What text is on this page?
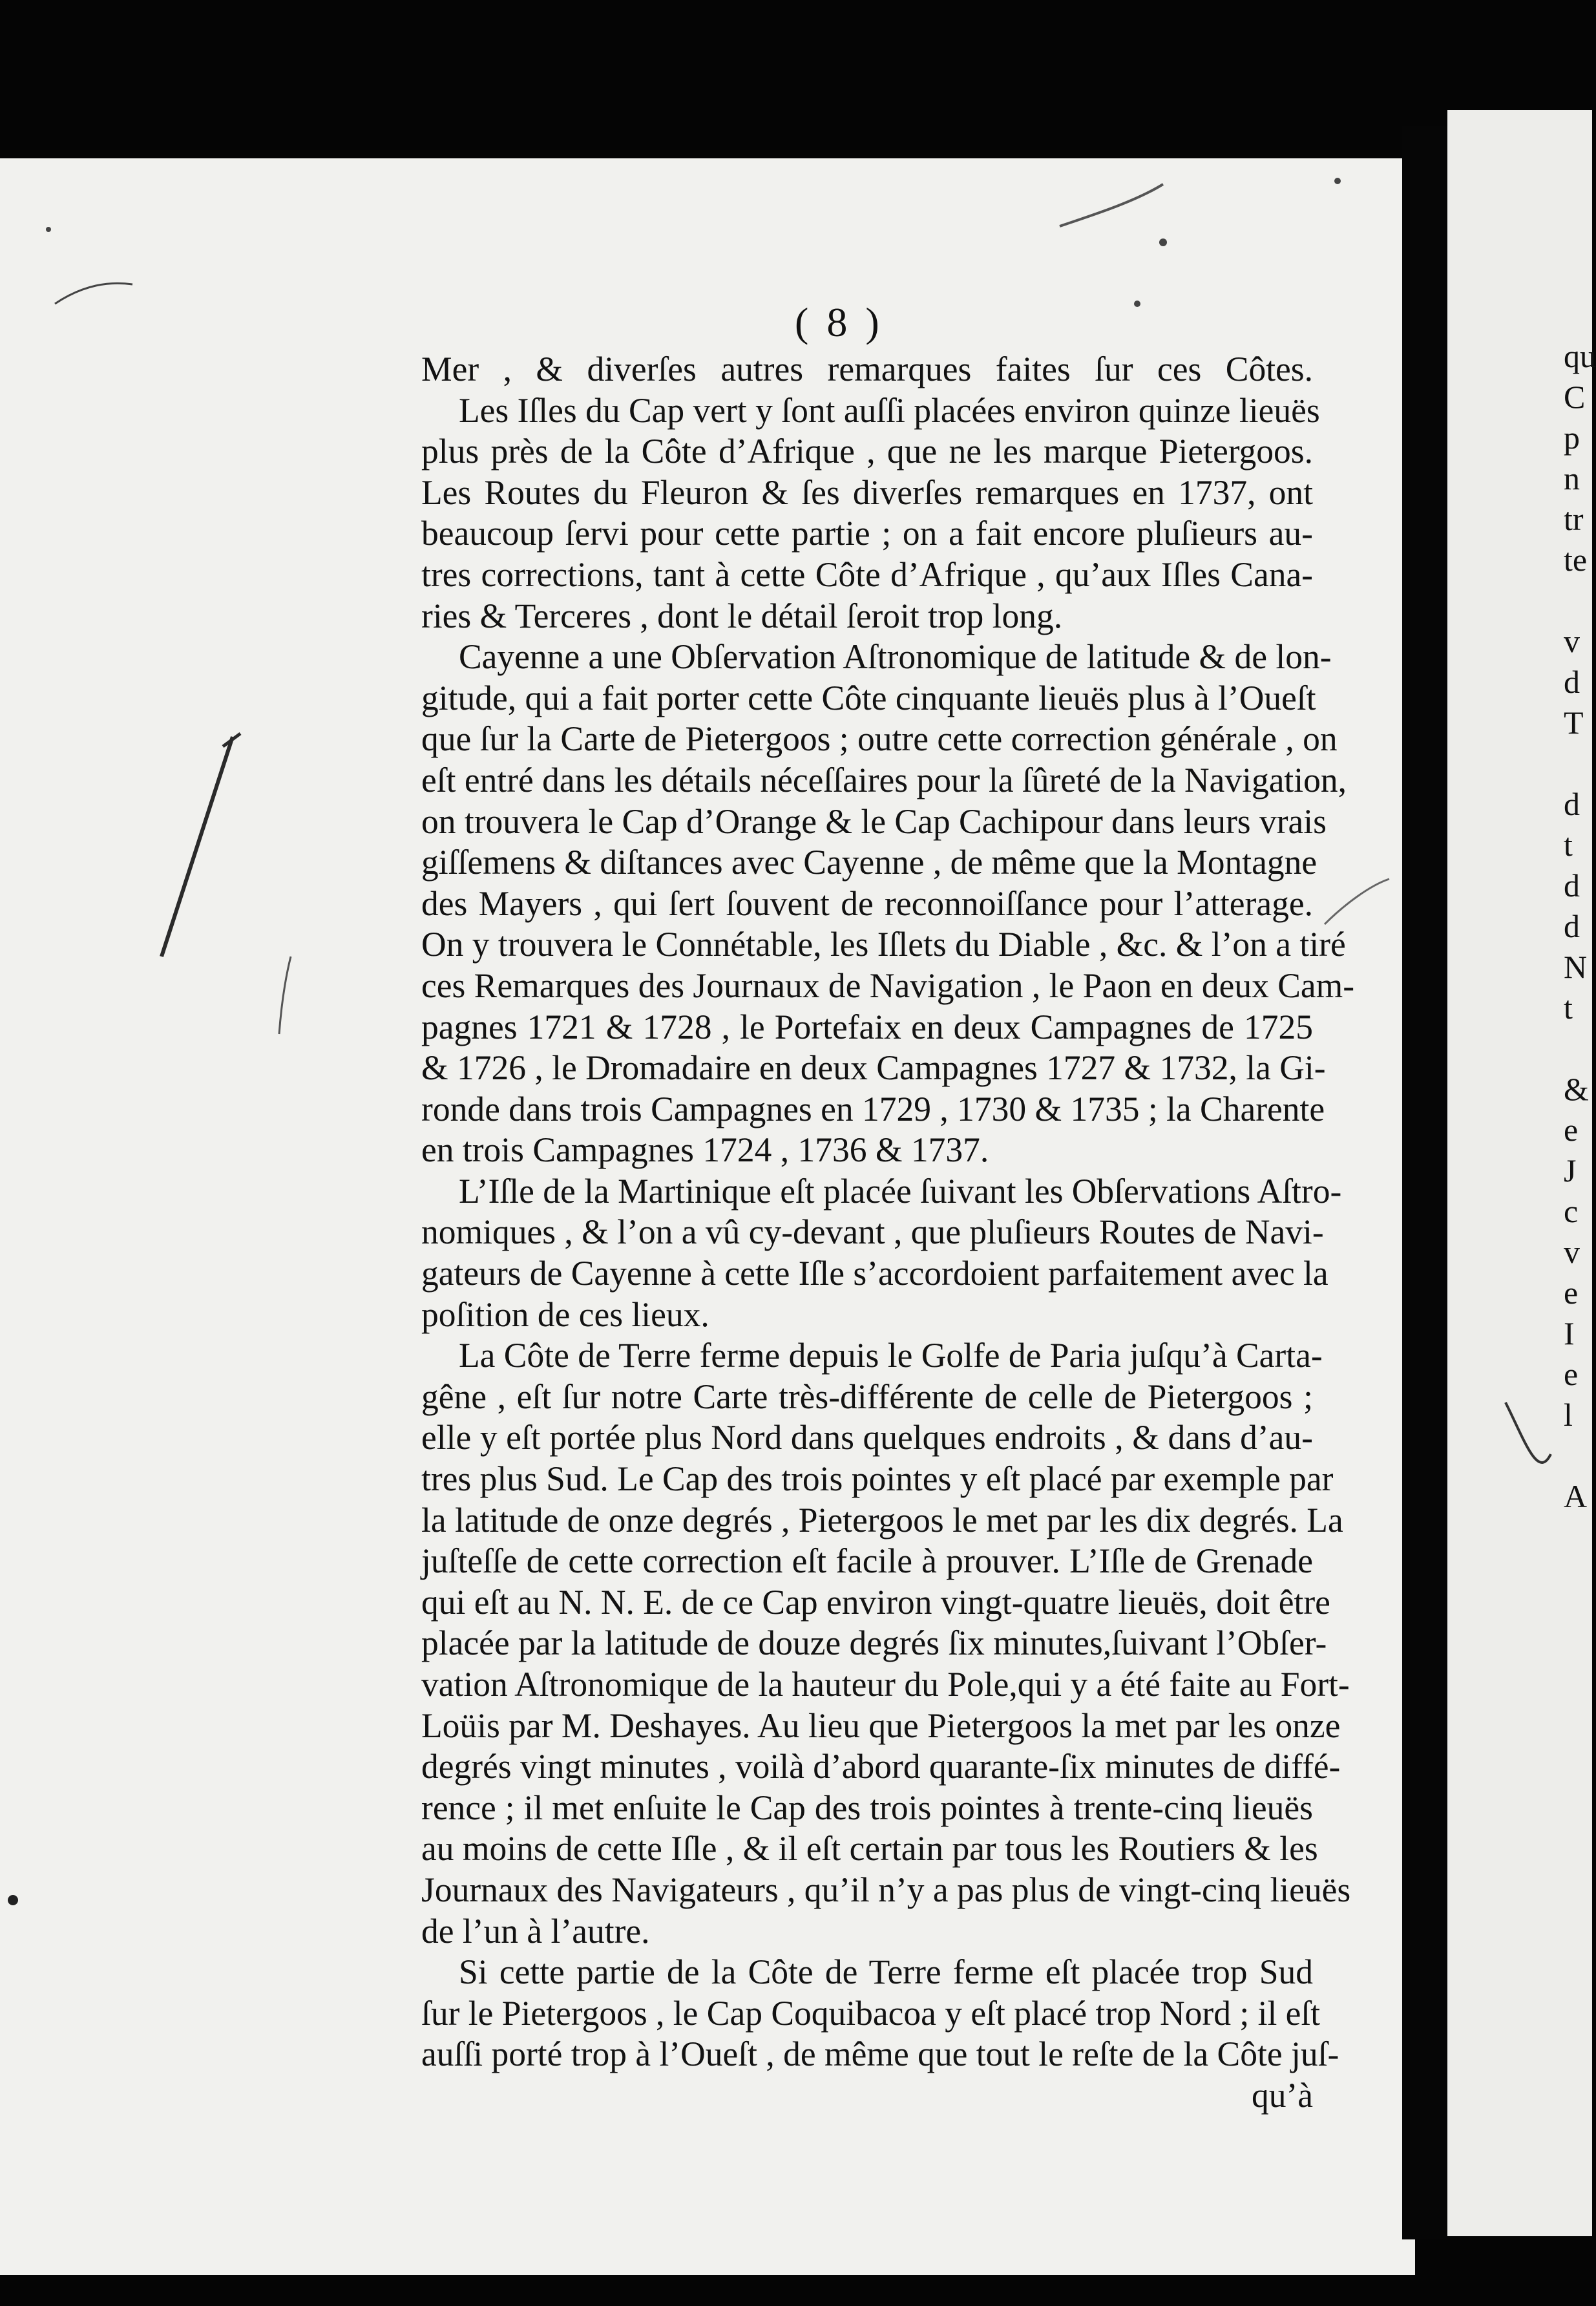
( 8 )
Mer , & diverſes autres remarques faites ſur ces Côtes.
Les Iſles du Cap vert y ſont auſſi placées environ quinze lieuës
plus près de la Côte d’Afrique , que ne les marque Pietergoos.
Les Routes du Fleuron & ſes diverſes remarques en 1737, ont
beaucoup ſervi pour cette partie ; on a fait encore pluſieurs au-
tres corrections, tant à cette Côte d’Afrique , qu’aux Iſles Cana-
ries & Terceres , dont le détail ſeroit trop long.
Cayenne a une Obſervation Aſtronomique de latitude & de lon-
gitude, qui a fait porter cette Côte cinquante lieuës plus à l’Oueſt
que ſur la Carte de Pietergoos ; outre cette correction générale , on
eſt entré dans les détails néceſſaires pour la ſûreté de la Navigation,
on trouvera le Cap d’Orange & le Cap Cachipour dans leurs vrais
giſſemens & diſtances avec Cayenne , de même que la Montagne
des Mayers , qui ſert ſouvent de reconnoiſſance pour l’atterage.
On y trouvera le Connétable, les Iſlets du Diable , &c. & l’on a tiré
ces Remarques des Journaux de Navigation , le Paon en deux Cam-
pagnes 1721 & 1728 , le Portefaix en deux Campagnes de 1725
& 1726 , le Dromadaire en deux Campagnes 1727 & 1732, la Gi-
ronde dans trois Campagnes en 1729 , 1730 & 1735 ; la Charente
en trois Campagnes 1724 , 1736 & 1737.
L’Iſle de la Martinique eſt placée ſuivant les Obſervations Aſtro-
nomiques , & l’on a vû cy-devant , que pluſieurs Routes de Navi-
gateurs de Cayenne à cette Iſle s’accordoient parfaitement avec la
poſition de ces lieux.
La Côte de Terre ferme depuis le Golfe de Paria juſqu’à Carta-
gêne , eſt ſur notre Carte très-différente de celle de Pietergoos ;
elle y eſt portée plus Nord dans quelques endroits , & dans d’au-
tres plus Sud. Le Cap des trois pointes y eſt placé par exemple par
la latitude de onze degrés , Pietergoos le met par les dix degrés. La
juſteſſe de cette correction eſt facile à prouver. L’Iſle de Grenade
qui eſt au N. N. E. de ce Cap environ vingt-quatre lieuës, doit être
placée par la latitude de douze degrés ſix minutes,ſuivant l’Obſer-
vation Aſtronomique de la hauteur du Pole,qui y a été faite au Fort-
Loüis par M. Deshayes. Au lieu que Pietergoos la met par les onze
degrés vingt minutes , voilà d’abord quarante-ſix minutes de diffé-
rence ; il met enſuite le Cap des trois pointes à trente-cinq lieuës
au moins de cette Iſle , & il eſt certain par tous les Routiers & les
Journaux des Navigateurs , qu’il n’y a pas plus de vingt-cinq lieuës
de l’un à l’autre.
Si cette partie de la Côte de Terre ferme eſt placée trop Sud
ſur le Pietergoos , le Cap Coquibacoa y eſt placé trop Nord ; il eſt
auſſi porté trop à l’Oueſt , de même que tout le reſte de la Côte juſ-
qu’à
qu
C
p
n
tr
te
v
d
T
d
t
d
d
N
t
&
e
J
c
v
e
I
e
l
A
